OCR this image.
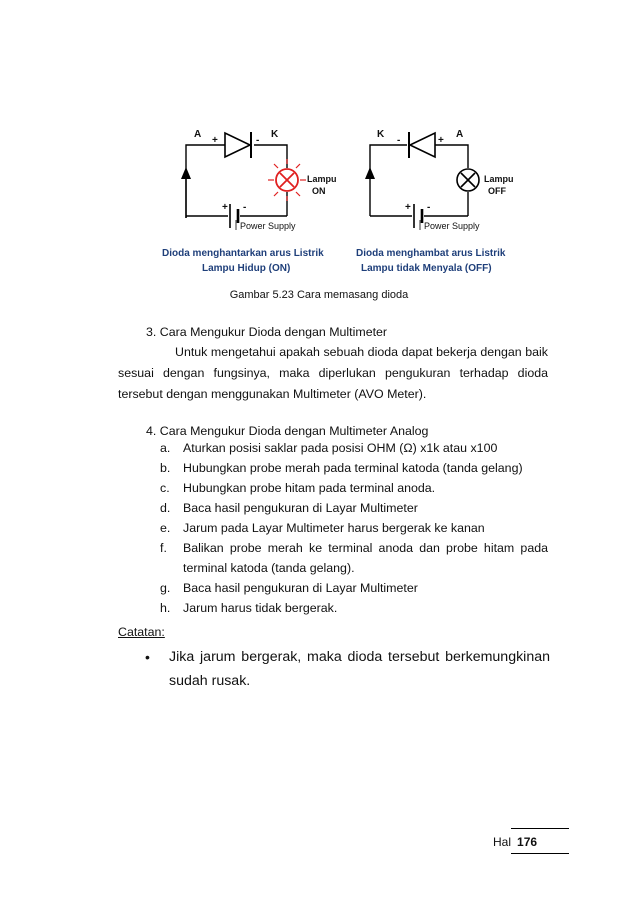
A
+	-
K
Lampu
ON
+ -
Power Supply
K
-	+
A
Lampu
OFF
+ -
Power Supply
Dioda menghantarkan arus Listrik
Lampu Hidup (ON)
Dioda menghambat arus Listrik
Lampu tidak Menyala (OFF)
Gambar 5.23 Cara memasang dioda
3. Cara Mengukur Dioda dengan Multimeter
Untuk mengetahui apakah sebuah dioda dapat bekerja dengan baik sesuai dengan fungsinya, maka diperlukan pengukuran terhadap dioda tersebut dengan menggunakan Multimeter (AVO Meter).
4. Cara Mengukur Dioda dengan Multimeter Analog
a.	Aturkan posisi saklar pada posisi OHM (Ω) x1k atau x100
b.	Hubungkan probe merah pada terminal katoda (tanda gelang)
c.	Hubungkan probe hitam pada terminal anoda.
d.	Baca hasil pengukuran di Layar Multimeter
e.	Jarum pada Layar Multimeter harus bergerak ke kanan
f.	Balikan probe merah ke terminal anoda dan probe hitam pada terminal katoda (tanda gelang).
g.	Baca hasil pengukuran di Layar Multimeter
h.	Jarum harus tidak bergerak.
Catatan:
•	Jika jarum bergerak, maka dioda tersebut berkemungkinan sudah rusak.
Hal 176
